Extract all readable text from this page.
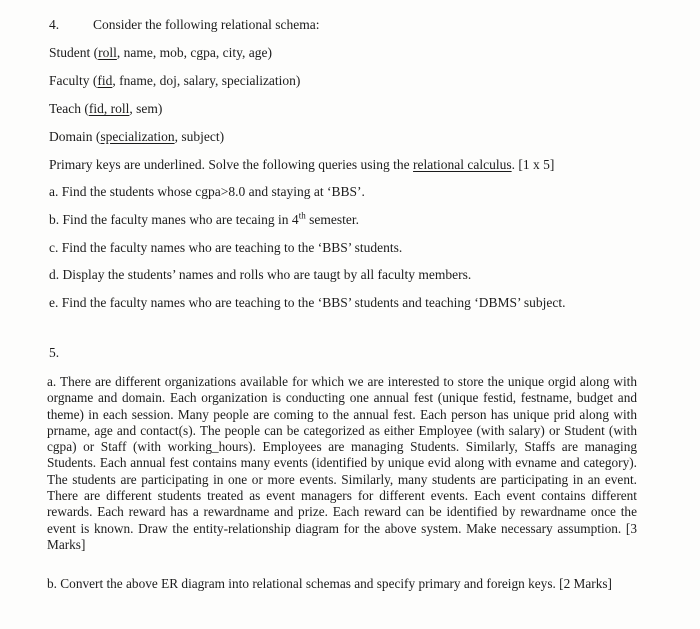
4.	Consider the following relational schema:
Student (roll, name, mob, cgpa, city, age)
Faculty (fid, fname, doj, salary, specialization)
Teach (fid, roll, sem)
Domain (specialization, subject)
Primary keys are underlined. Solve the following queries using the relational calculus. [1 x 5]
a. Find the students whose cgpa>8.0 and staying at ‘BBS’.
b. Find the faculty manes who are tecaing in 4th semester.
c. Find the faculty names who are teaching to the ‘BBS’ students.
d. Display the students’ names and rolls who are taugt by all faculty members.
e. Find the faculty names who are teaching to the ‘BBS’ students and teaching ‘DBMS’ subject.
5.
a. There are different organizations available for which we are interested to store the unique orgid along with orgname and domain. Each organization is conducting one annual fest (unique festid, festname, budget and theme) in each session. Many people are coming to the annual fest. Each person has unique prid along with prname, age and contact(s). The people can be categorized as either Employee (with salary) or Student (with cgpa) or Staff (with working_hours). Employees are managing Students. Similarly, Staffs are managing Students. Each annual fest contains many events (identified by unique evid along with evname and category). The students are participating in one or more events. Similarly, many students are participating in an event. There are different students treated as event managers for different events. Each event contains different rewards. Each reward has a rewardname and prize. Each reward can be identified by rewardname once the event is known. Draw the entity-relationship diagram for the above system. Make necessary assumption. [3 Marks]
b. Convert the above ER diagram into relational schemas and specify primary and foreign keys. [2 Marks]
